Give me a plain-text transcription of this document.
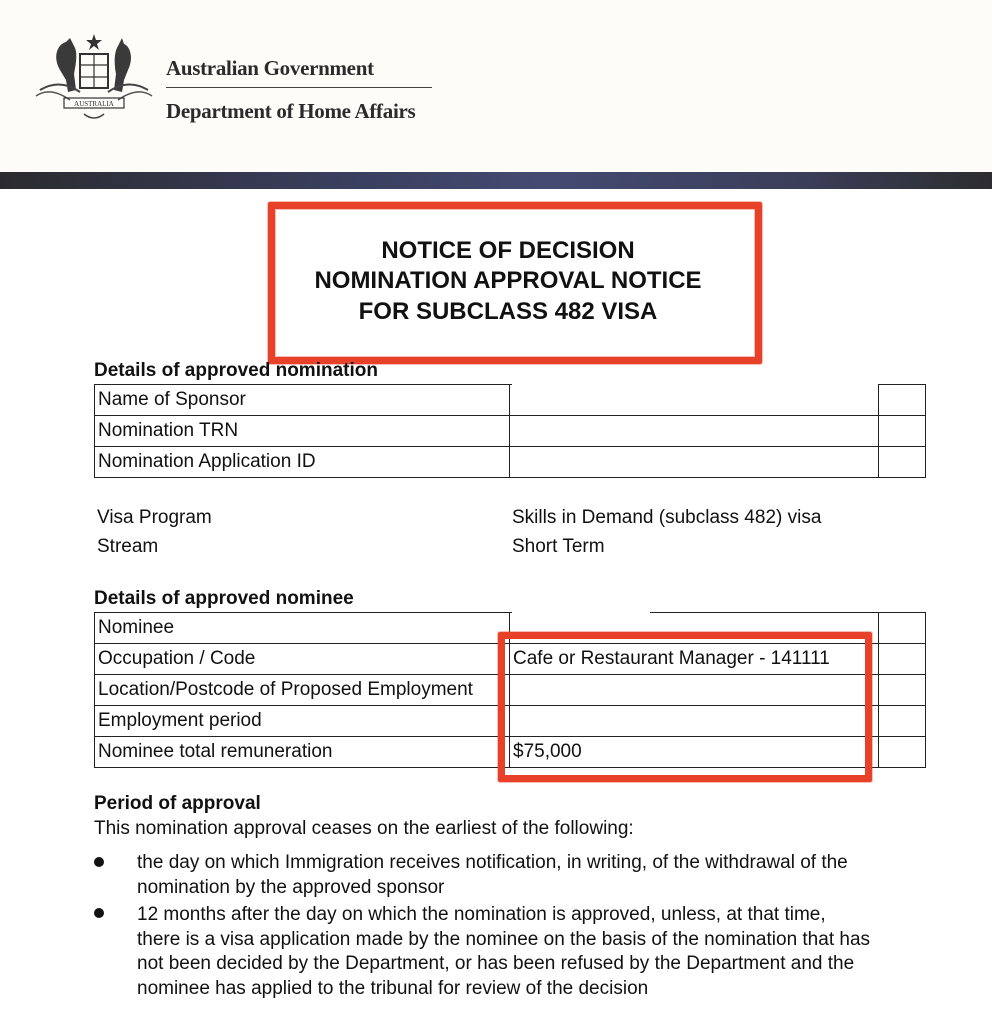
AUSTRALIA
Australian Government
Department of Home Affairs
NOTICE OF DECISION
NOMINATION APPROVAL NOTICE
FOR SUBCLASS 482 VISA
Details of approved nomination
Name of Sponsor		
Nomination TRN		
Nomination Application ID		
Visa Program	Skills in Demand (subclass 482) visa
Stream	Short Term
Details of approved nominee
Nominee		
Occupation / Code	Cafe or Restaurant Manager - 141111	
Location/Postcode of Proposed Employment		
Employment period		
Nominee total remuneration	$75,000	
Period of approval
This nomination approval ceases on the earliest of the following:
the day on which Immigration receives notification, in writing, of the withdrawal of the
nomination by the approved sponsor
12 months after the day on which the nomination is approved, unless, at that time,
there is a visa application made by the nominee on the basis of the nomination that has
not been decided by the Department, or has been refused by the Department and the
nominee has applied to the tribunal for review of the decision
